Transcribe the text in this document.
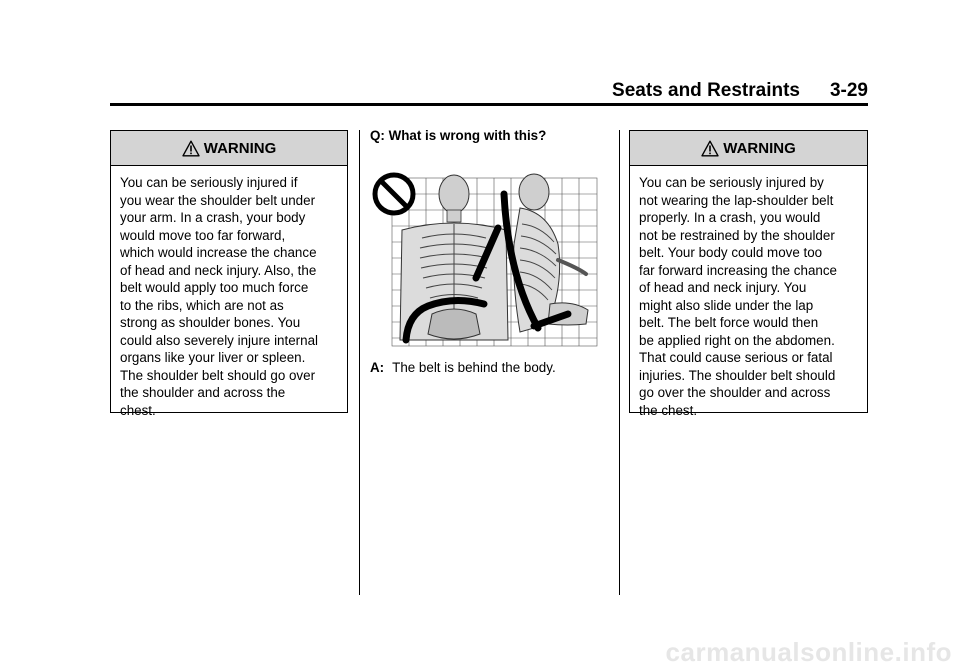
Seats and Restraints 3-29
WARNING
You can be seriously injured if
you wear the shoulder belt under
your arm. In a crash, your body
would move too far forward,
which would increase the chance
of head and neck injury. Also, the
belt would apply too much force
to the ribs, which are not as
strong as shoulder bones. You
could also severely injure internal
organs like your liver or spleen.
The shoulder belt should go over
the shoulder and across the
chest.
Q: What is wrong with this?
A: The belt is behind the body.
WARNING
You can be seriously injured by
not wearing the lap-shoulder belt
properly. In a crash, you would
not be restrained by the shoulder
belt. Your body could move too
far forward increasing the chance
of head and neck injury. You
might also slide under the lap
belt. The belt force would then
be applied right on the abdomen.
That could cause serious or fatal
injuries. The shoulder belt should
go over the shoulder and across
the chest.
carmanualsonline.info
